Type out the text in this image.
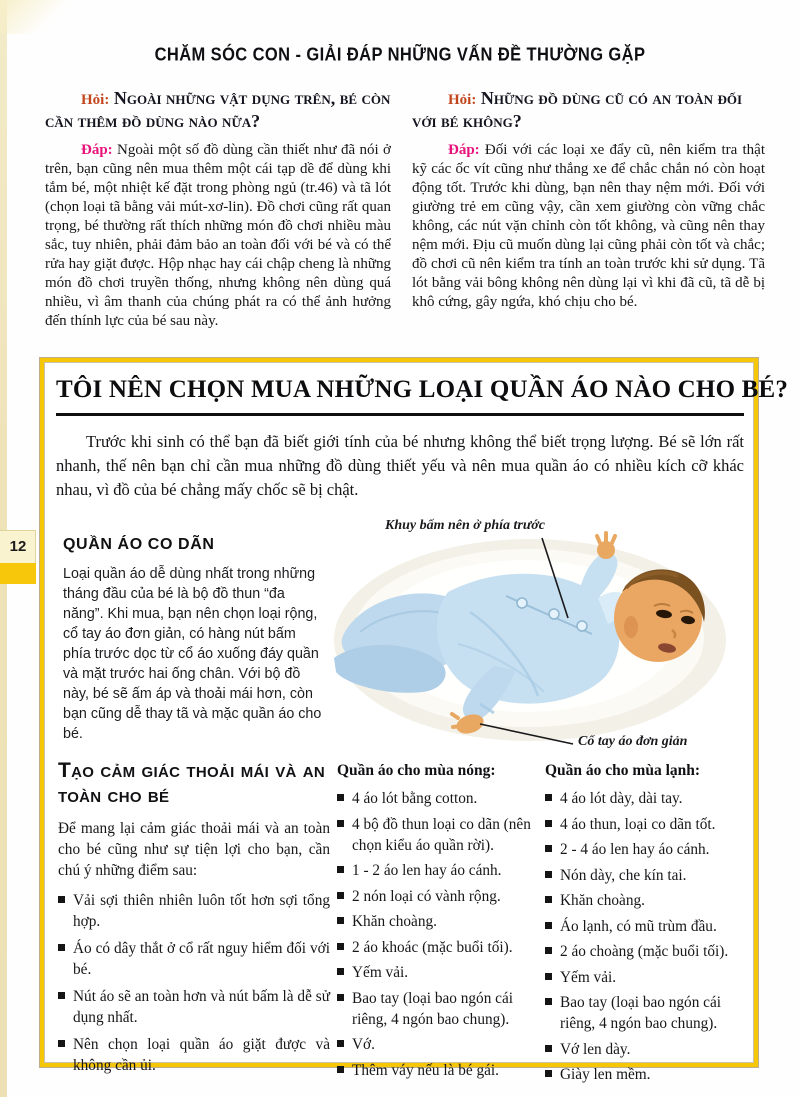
CHĂM SÓC CON - GIẢI ĐÁP NHỮNG VẤN ĐỀ THƯỜNG GẶP

Hỏi: Ngoài những vật dụng trên, bé còn cần thêm đồ dùng nào nữa?

Đáp: Ngoài một số đồ dùng cần thiết như đã nói ở trên, bạn cũng nên mua thêm một cái tạp dề để dùng khi tắm bé, một nhiệt kế đặt trong phòng ngủ (tr.46) và tã lót (chọn loại tã bằng vải mút-xơ-lin). Đồ chơi cũng rất quan trọng, bé thường rất thích những món đồ chơi nhiều màu sắc, tuy nhiên, phải đảm bảo an toàn đối với bé và có thể rửa hay giặt được. Hộp nhạc hay cái chập cheng là những món đồ chơi truyền thống, nhưng không nên dùng quá nhiều, vì âm thanh của chúng phát ra có thể ảnh hưởng đến thính lực của bé sau này.

Hỏi: Những đồ dùng cũ có an toàn đối với bé không?

Đáp: Đối với các loại xe đẩy cũ, nên kiểm tra thật kỹ các ốc vít cũng như thắng xe để chắc chắn nó còn hoạt động tốt. Trước khi dùng, bạn nên thay nệm mới. Đối với giường trẻ em cũng vậy, cần xem giường còn vững chắc không, các nút vặn chỉnh còn tốt không, và cũng nên thay nệm mới. Địu cũ muốn dùng lại cũng phải còn tốt và chắc; đồ chơi cũ nên kiểm tra tính an toàn trước khi sử dụng. Tã lót bằng vải bông không nên dùng lại vì khi đã cũ, tã dễ bị khô cứng, gây ngứa, khó chịu cho bé.

12
TÔI NÊN CHỌN MUA NHỮNG LOẠI QUẦN ÁO NÀO CHO BÉ?

Trước khi sinh có thể bạn đã biết giới tính của bé nhưng không thể biết trọng lượng. Bé sẽ lớn rất nhanh, thế nên bạn chỉ cần mua những đồ dùng thiết yếu và nên mua quần áo có nhiều kích cỡ khác nhau, vì đồ của bé chẳng mấy chốc sẽ bị chật.

QUẦN ÁO CO DÃN

Loại quần áo dễ dùng nhất trong những tháng đầu của bé là bộ đồ thun “đa năng”. Khi mua, bạn nên chọn loại rộng, cổ tay áo đơn giản, có hàng nút bấm phía trước dọc từ cổ áo xuống đáy quần và mặt trước hai ống chân. Với bộ đồ này, bé sẽ ấm áp và thoải mái hơn, còn bạn cũng dễ thay tã và mặc quần áo cho bé.

Khuy bấm nên ở phía trước

Cổ tay áo đơn giản

Tạo cảm giác thoải mái và an toàn cho bé

Để mang lại cảm giác thoải mái và an toàn cho bé cũng như sự tiện lợi cho bạn, cần chú ý những điểm sau:

Vải sợi thiên nhiên luôn tốt hơn sợi tổng hợp.
Áo có dây thắt ở cổ rất nguy hiểm đối với bé.
Nút áo sẽ an toàn hơn và nút bấm là dễ sử dụng nhất.
Nên chọn loại quần áo giặt được và không cần ủi.
Quần áo cho mùa nóng:
4 áo lót bằng cotton.
4 bộ đồ thun loại co dãn (nên chọn kiểu áo quần rời).
1 - 2 áo len hay áo cánh.
2 nón loại có vành rộng.
Khăn choàng.
2 áo khoác (mặc buổi tối).
Yếm vải.
Bao tay (loại bao ngón cái riêng, 4 ngón bao chung).
Vớ.
Thêm váy nếu là bé gái.
Quần áo cho mùa lạnh:
4 áo lót dày, dài tay.
4 áo thun, loại co dãn tốt.
2 - 4 áo len hay áo cánh.
Nón dày, che kín tai.
Khăn choàng.
Áo lạnh, có mũ trùm đầu.
2 áo choàng (mặc buổi tối).
Yếm vải.
Bao tay (loại bao ngón cái riêng, 4 ngón bao chung).
Vớ len dày.
Giày len mềm.
